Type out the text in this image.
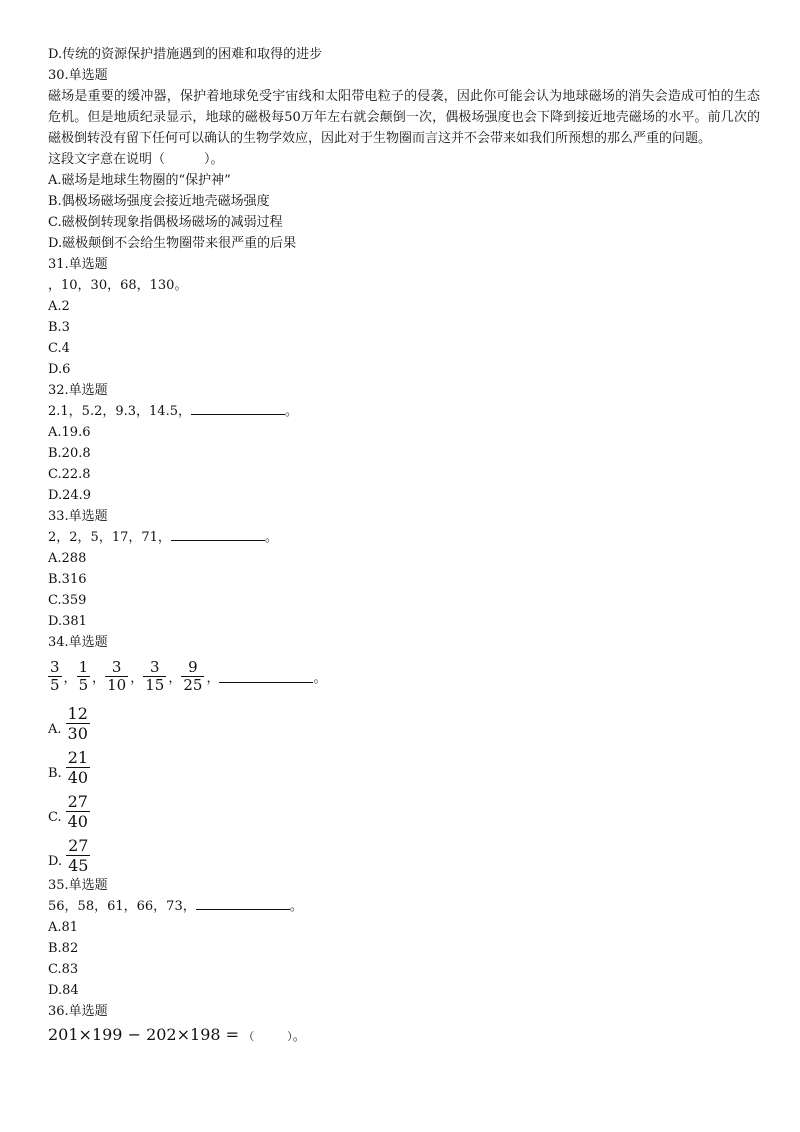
D.传统的资源保护措施遇到的困难和取得的进步
30.单选题
磁场是重要的缓冲器，保护着地球免受宇宙线和太阳带电粒子的侵袭，因此你可能会认为地球磁场的消失会造成可怕的生态危机。但是地质纪录显示，地球的磁极每50万年左右就会颠倒一次，偶极场强度也会下降到接近地壳磁场的水平。前几次的磁极倒转没有留下任何可以确认的生物学效应，因此对于生物圈而言这并不会带来如我们所预想的那么严重的问题。
这段文字意在说明（　　　）。
A.磁场是地球生物圈的“保护神”
B.偶极场磁场强度会接近地壳磁场强度
C.磁极倒转现象指偶极场磁场的减弱过程
D.磁极颠倒不会给生物圈带来很严重的后果
31.单选题
，10，30，68，130。
A.2
B.3
C.4
D.6
32.单选题
2.1，5.2，9.3，14.5，	。
A.19.6
B.20.8
C.22.8
D.24.9
33.单选题
2，2，5，17，71，	。
A.288
B.316
C.359
D.381
34.单选题
$\frac{3}{5}$ ， $\frac{1}{5}$ ， $\frac{3}{10}$ ， $\frac{3}{15}$ ， $\frac{9}{25}$ ，	。
A. $\frac{12}{30}$
B. $\frac{21}{40}$
C. $\frac{27}{40}$
D. $\frac{27}{45}$
35.单选题
56，58，61，66，73，	。
A.81
B.82
C.83
D.84
36.单选题
201×199 − 202×198 = （　　　）。
